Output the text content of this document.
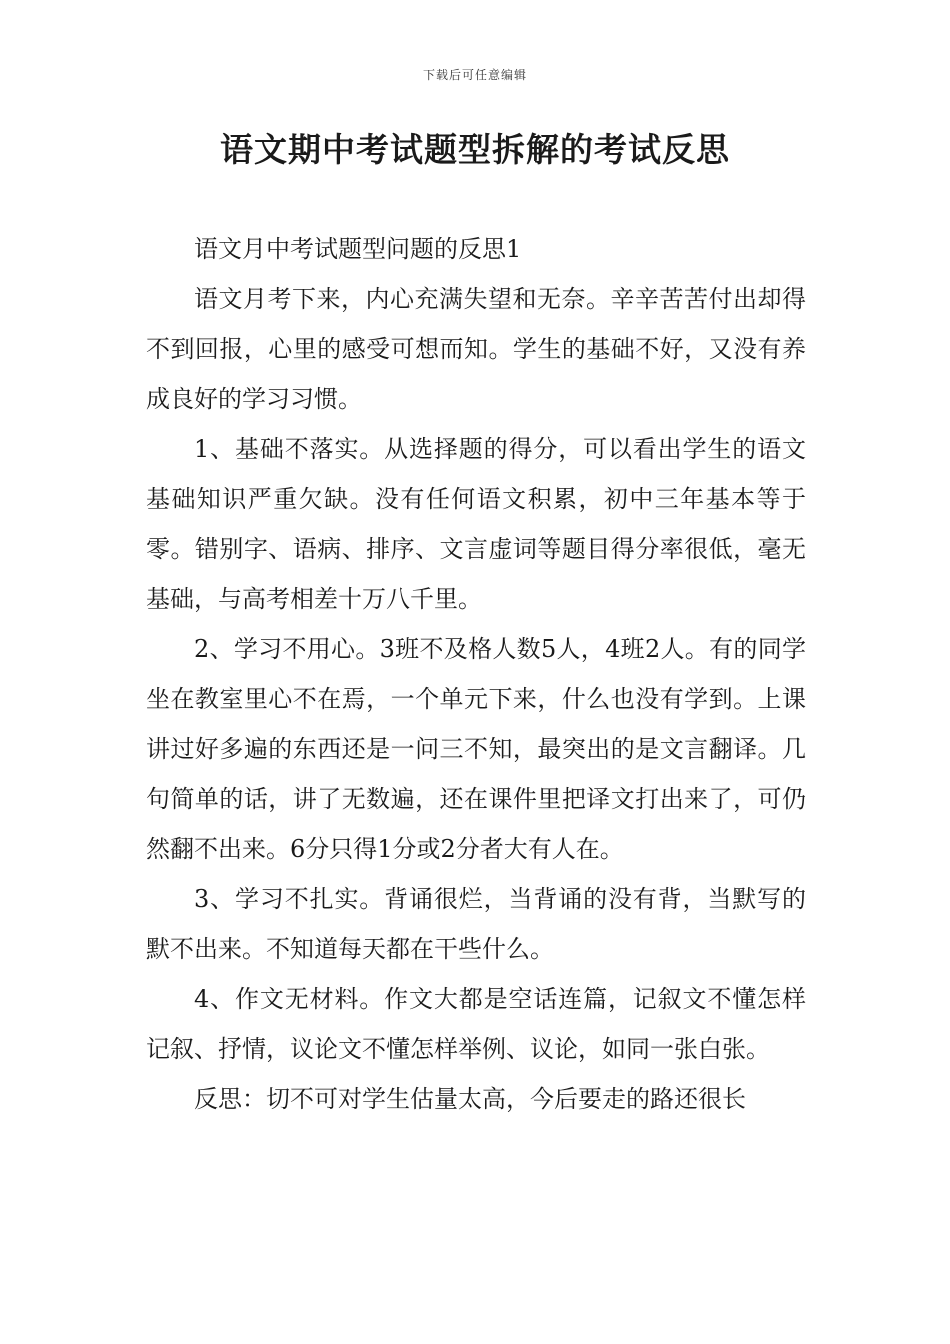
下载后可任意编辑
语文期中考试题型拆解的考试反思

语文月中考试题型问题的反思1

语文月考下来，内心充满失望和无奈。辛辛苦苦付出却得不到回报，心里的感受可想而知。学生的基础不好，又没有养成良好的学习习惯。

1、基础不落实。从选择题的得分，可以看出学生的语文基础知识严重欠缺。没有任何语文积累，初中三年基本等于零。错别字、语病、排序、文言虚词等题目得分率很低，毫无基础，与高考相差十万八千里。

2、学习不用心。3班不及格人数5人，4班2人。有的同学坐在教室里心不在焉，一个单元下来，什么也没有学到。上课讲过好多遍的东西还是一问三不知，最突出的是文言翻译。几句简单的话，讲了无数遍，还在课件里把译文打出来了，可仍然翻不出来。6分只得1分或2分者大有人在。

3、学习不扎实。背诵很烂，当背诵的没有背，当默写的默不出来。不知道每天都在干些什么。

4、作文无材料。作文大都是空话连篇，记叙文不懂怎样记叙、抒情，议论文不懂怎样举例、议论，如同一张白张。

反思：切不可对学生估量太高，今后要走的路还很长
